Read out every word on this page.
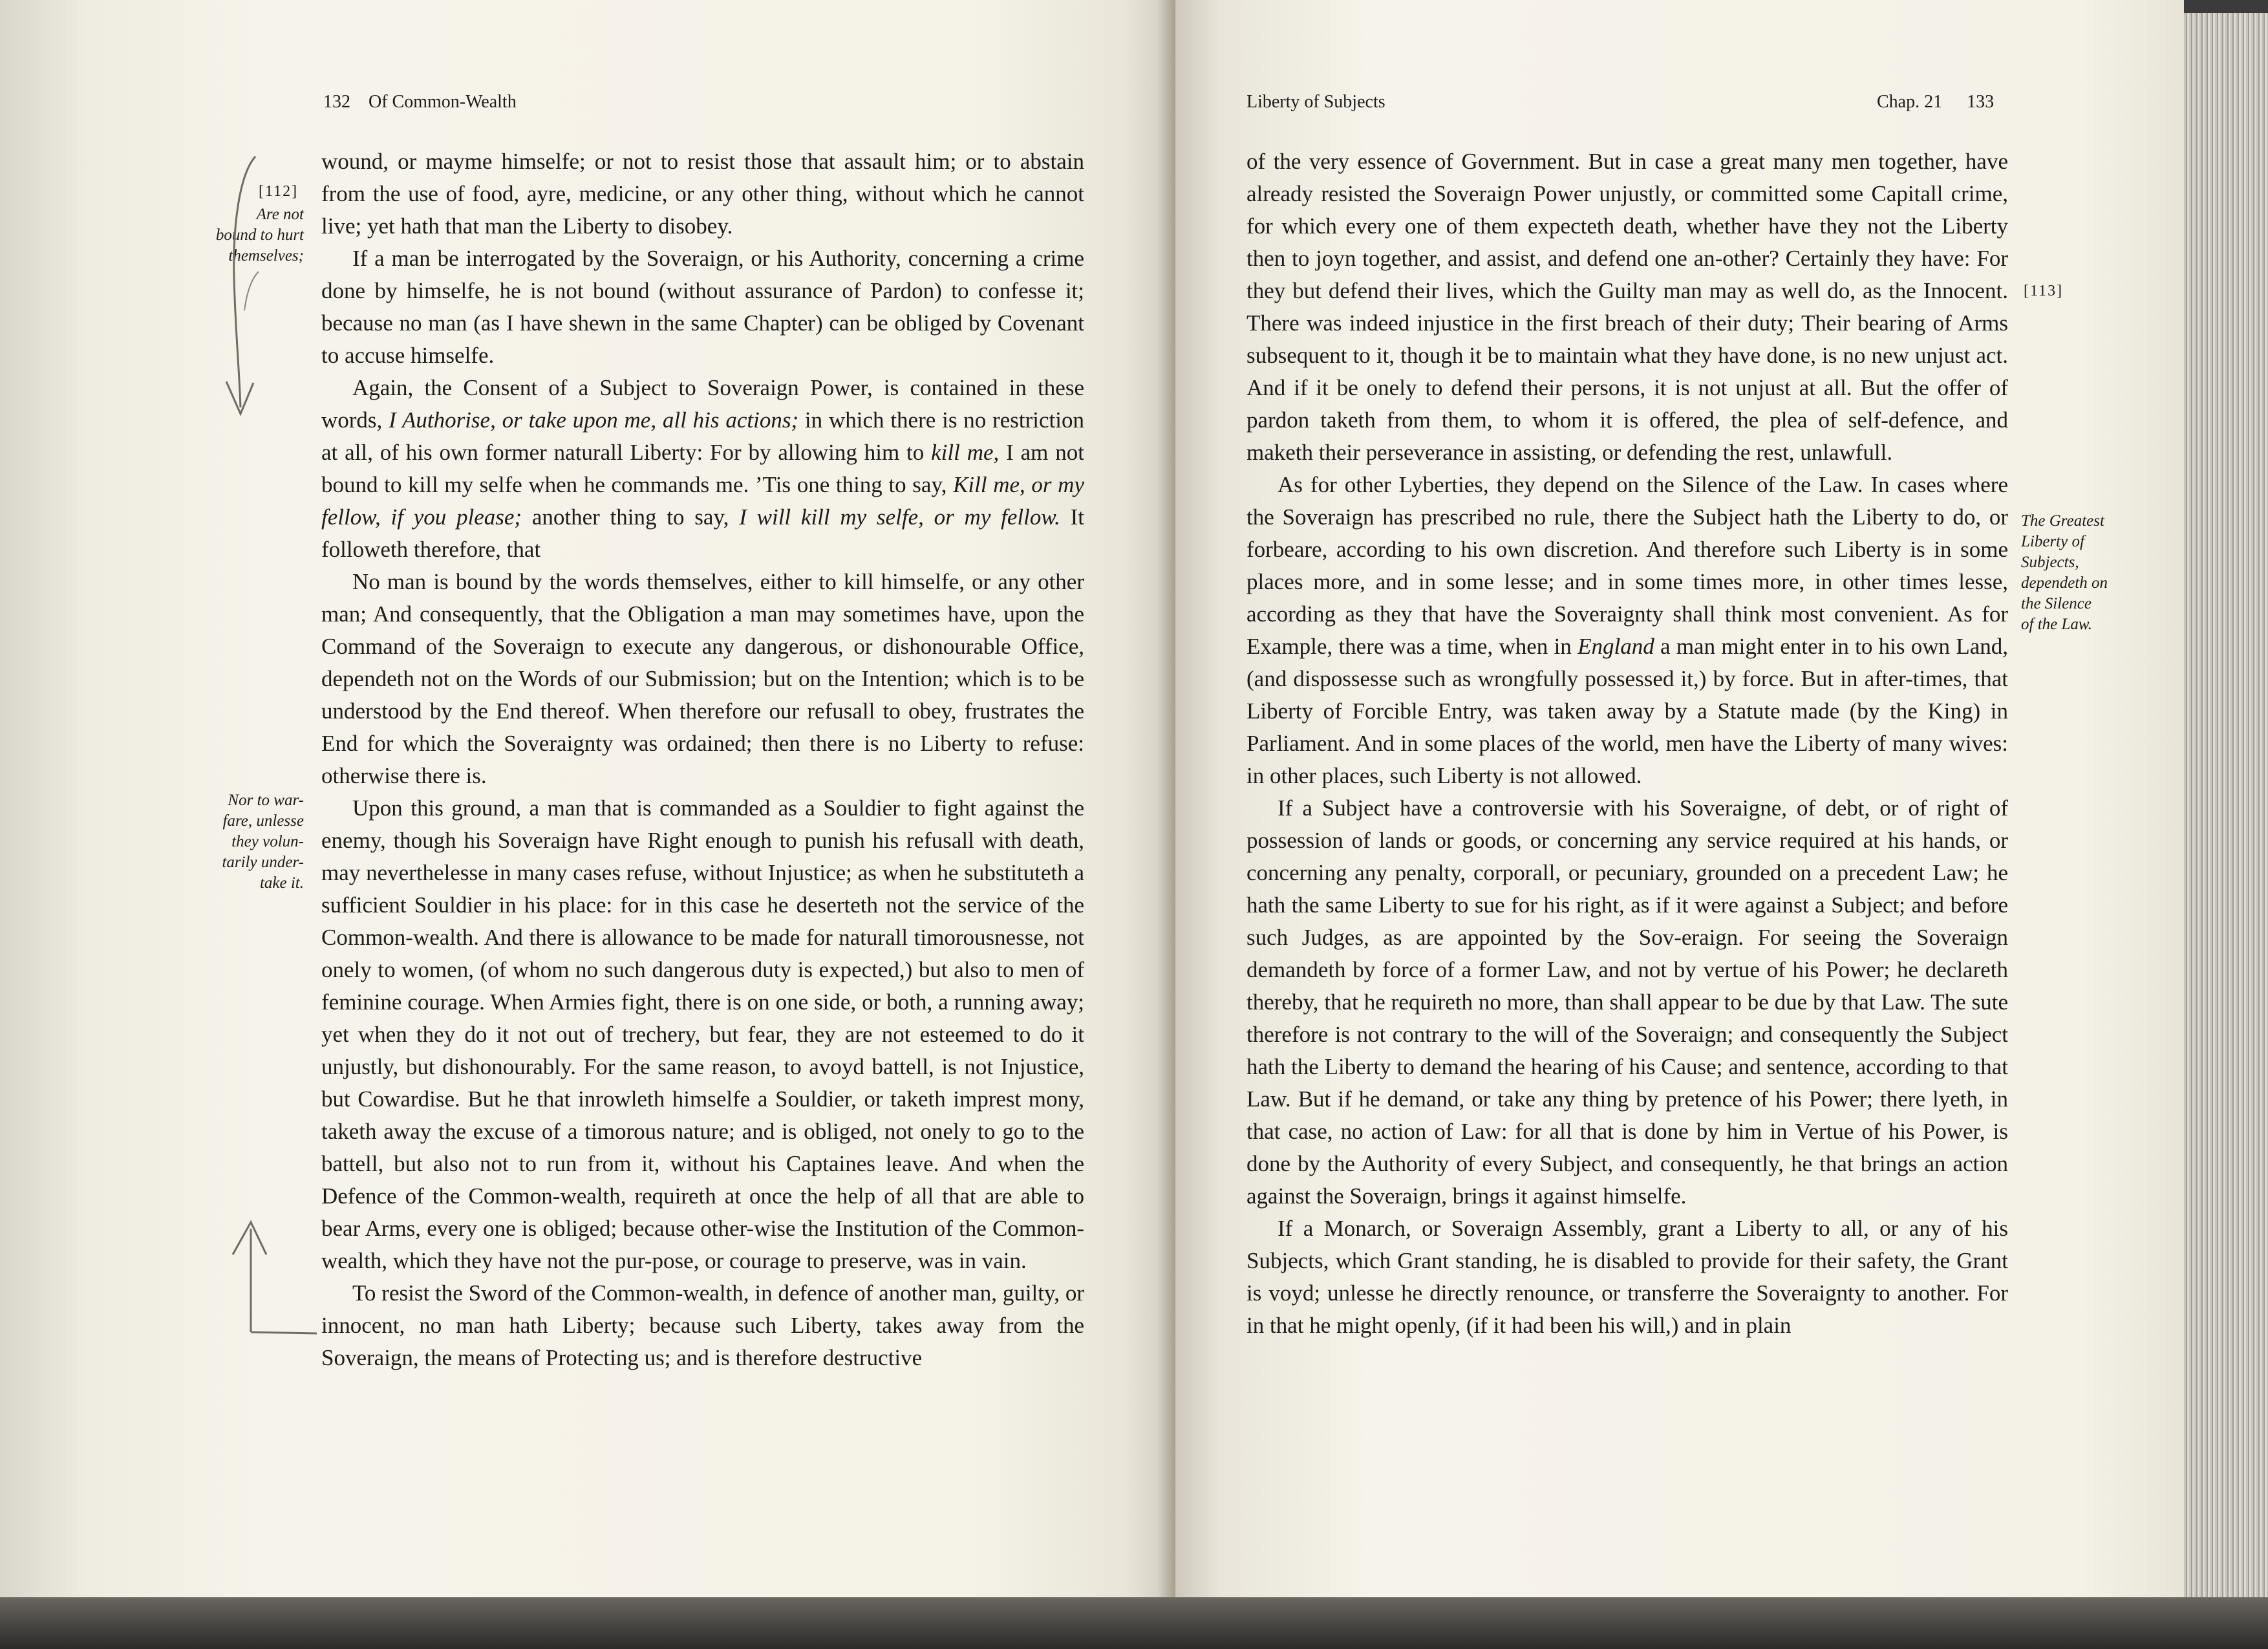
132 Of Common-Wealth
[112]
Are not
bound to hurt
themselves;
Nor to war-
fare, unlesse
they volun-
tarily under-
take it.

wound, or mayme himselfe; or not to resist those that assault him; or to abstain from the use of food, ayre, medicine, or any other thing, without which he cannot live; yet hath that man the Liberty to disobey.

If a man be interrogated by the Soveraign, or his Authority, concerning a crime done by himselfe, he is not bound (without assurance of Pardon) to confesse it; because no man (as I have shewn in the same Chapter) can be obliged by Covenant to accuse himselfe.

Again, the Consent of a Subject to Soveraign Power, is contained in these words, I Authorise, or take upon me, all his actions; in which there is no restriction at all, of his own former naturall Liberty: For by allowing him to kill me, I am not bound to kill my selfe when he commands me. ’Tis one thing to say, Kill me, or my fellow, if you please; another thing to say, I will kill my selfe, or my fellow. It followeth therefore, that

No man is bound by the words themselves, either to kill himselfe, or any other man; And consequently, that the Obligation a man may sometimes have, upon the Command of the Soveraign to execute any dangerous, or dishonourable Office, dependeth not on the Words of our Submission; but on the Intention; which is to be understood by the End thereof. When therefore our refusall to obey, frustrates the End for which the Soveraignty was ordained; then there is no Liberty to refuse: otherwise there is.

Upon this ground, a man that is commanded as a Souldier to fight against the enemy, though his Soveraign have Right enough to punish his refusall with death, may neverthelesse in many cases refuse, without Injustice; as when he substituteth a sufficient Souldier in his place: for in this case he deserteth not the service of the Common-wealth. And there is allowance to be made for naturall timorousnesse, not onely to women, (of whom no such dangerous duty is expected,) but also to men of feminine courage. When Armies fight, there is on one side, or both, a running away; yet when they do it not out of trechery, but fear, they are not esteemed to do it unjustly, but dishonourably. For the same reason, to avoyd battell, is not Injustice, but Cowardise. But he that inrowleth himselfe a Souldier, or taketh imprest mony, taketh away the excuse of a timorous nature; and is obliged, not onely to go to the battell, but also not to run from it, without his Captaines leave. And when the Defence of the Common-wealth, requireth at once the help of all that are able to bear Arms, every one is obliged; because other-wise the Institution of the Common-wealth, which they have not the pur-pose, or courage to preserve, was in vain.

To resist the Sword of the Common-wealth, in defence of another man, guilty, or innocent, no man hath Liberty; because such Liberty, takes away from the Soveraign, the means of Protecting us; and is therefore destructive

Liberty of Subjects	Chap. 21 133

of the very essence of Government. But in case a great many men together, have already resisted the Soveraign Power unjustly, or committed some Capitall crime, for which every one of them expecteth death, whether have they not the Liberty then to joyn together, and assist, and defend one an-other? Certainly they have: For they but defend their lives, which the Guilty man may as well do, as the Innocent. There was indeed injustice in the first breach of their duty; Their bearing of Arms subsequent to it, though it be to maintain what they have done, is no new unjust act. And if it be onely to defend their persons, it is not unjust at all. But the offer of pardon taketh from them, to whom it is offered, the plea of self-defence, and maketh their perseverance in assisting, or defending the rest, unlawfull.

As for other Lyberties, they depend on the Silence of the Law. In cases where the Soveraign has prescribed no rule, there the Subject hath the Liberty to do, or forbeare, according to his own discretion. And therefore such Liberty is in some places more, and in some lesse; and in some times more, in other times lesse, according as they that have the Soveraignty shall think most convenient. As for Example, there was a time, when in England a man might enter in to his own Land, (and dispossesse such as wrongfully possessed it,) by force. But in after-times, that Liberty of Forcible Entry, was taken away by a Statute made (by the King) in Parliament. And in some places of the world, men have the Liberty of many wives: in other places, such Liberty is not allowed.

If a Subject have a controversie with his Soveraigne, of debt, or of right of possession of lands or goods, or concerning any service required at his hands, or concerning any penalty, corporall, or pecuniary, grounded on a precedent Law; he hath the same Liberty to sue for his right, as if it were against a Subject; and before such Judges, as are appointed by the Sov-eraign. For seeing the Soveraign demandeth by force of a former Law, and not by vertue of his Power; he declareth thereby, that he requireth no more, than shall appear to be due by that Law. The sute therefore is not contrary to the will of the Soveraign; and consequently the Subject hath the Liberty to demand the hearing of his Cause; and sentence, according to that Law. But if he demand, or take any thing by pretence of his Power; there lyeth, in that case, no action of Law: for all that is done by him in Vertue of his Power, is done by the Authority of every Subject, and consequently, he that brings an action against the Soveraign, brings it against himselfe.

If a Monarch, or Soveraign Assembly, grant a Liberty to all, or any of his Subjects, which Grant standing, he is disabled to provide for their safety, the Grant is voyd; unlesse he directly renounce, or transferre the Soveraignty to another. For in that he might openly, (if it had been his will,) and in plain

[113]
The Greatest
Liberty of
Subjects,
dependeth on
the Silence
of the Law.
